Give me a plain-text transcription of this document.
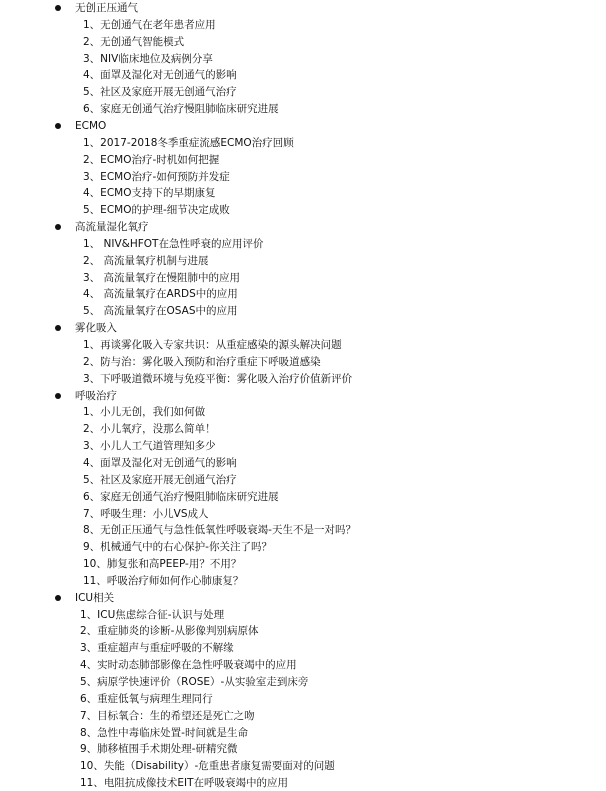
无创正压通气
1、无创通气在老年患者应用
2、无创通气智能模式
3、NIV临床地位及病例分享
4、面罩及湿化对无创通气的影响
5、社区及家庭开展无创通气治疗
6、家庭无创通气治疗慢阻肺临床研究进展
ECMO
1、2017-2018冬季重症流感ECMO治疗回顾
2、ECMO治疗-时机如何把握
3、ECMO治疗-如何预防并发症
4、ECMO支持下的早期康复
5、ECMO的护理-细节决定成败
高流量湿化氧疗
1、 NIV&HFOT在急性呼衰的应用评价
2、 高流量氧疗机制与进展
3、 高流量氧疗在慢阻肺中的应用
4、 高流量氧疗在ARDS中的应用
5、 高流量氧疗在OSAS中的应用
雾化吸入
1、再谈雾化吸入专家共识：从重症感染的源头解决问题
2、防与治：雾化吸入预防和治疗重症下呼吸道感染
3、下呼吸道微环境与免疫平衡：雾化吸入治疗价值新评价
呼吸治疗
1、小儿无创，我们如何做
2、小儿氧疗，没那么简单！
3、小儿人工气道管理知多少
4、面罩及湿化对无创通气的影响
5、社区及家庭开展无创通气治疗
6、家庭无创通气治疗慢阻肺临床研究进展
7、呼吸生理：小儿VS成人
8、无创正压通气与急性低氧性呼吸衰竭-天生不是一对吗？
9、机械通气中的右心保护-你关注了吗？
10、肺复张和高PEEP-用？不用？
11、呼吸治疗师如何作心肺康复？
ICU相关
1、ICU焦虑综合征-认识与处理
2、重症肺炎的诊断-从影像判别病原体
3、重症超声与重症呼吸的不解缘
4、实时动态肺部影像在急性呼吸衰竭中的应用
5、病原学快速评价（ROSE）-从实验室走到床旁
6、重症低氧与病理生理同行
7、目标氧合：生的希望还是死亡之吻
8、急性中毒临床处置-时间就是生命
9、肺移植围手术期处理-研精究微
10、失能（Disability）-危重患者康复需要面对的问题
11、电阻抗成像技术EIT在呼吸衰竭中的应用
